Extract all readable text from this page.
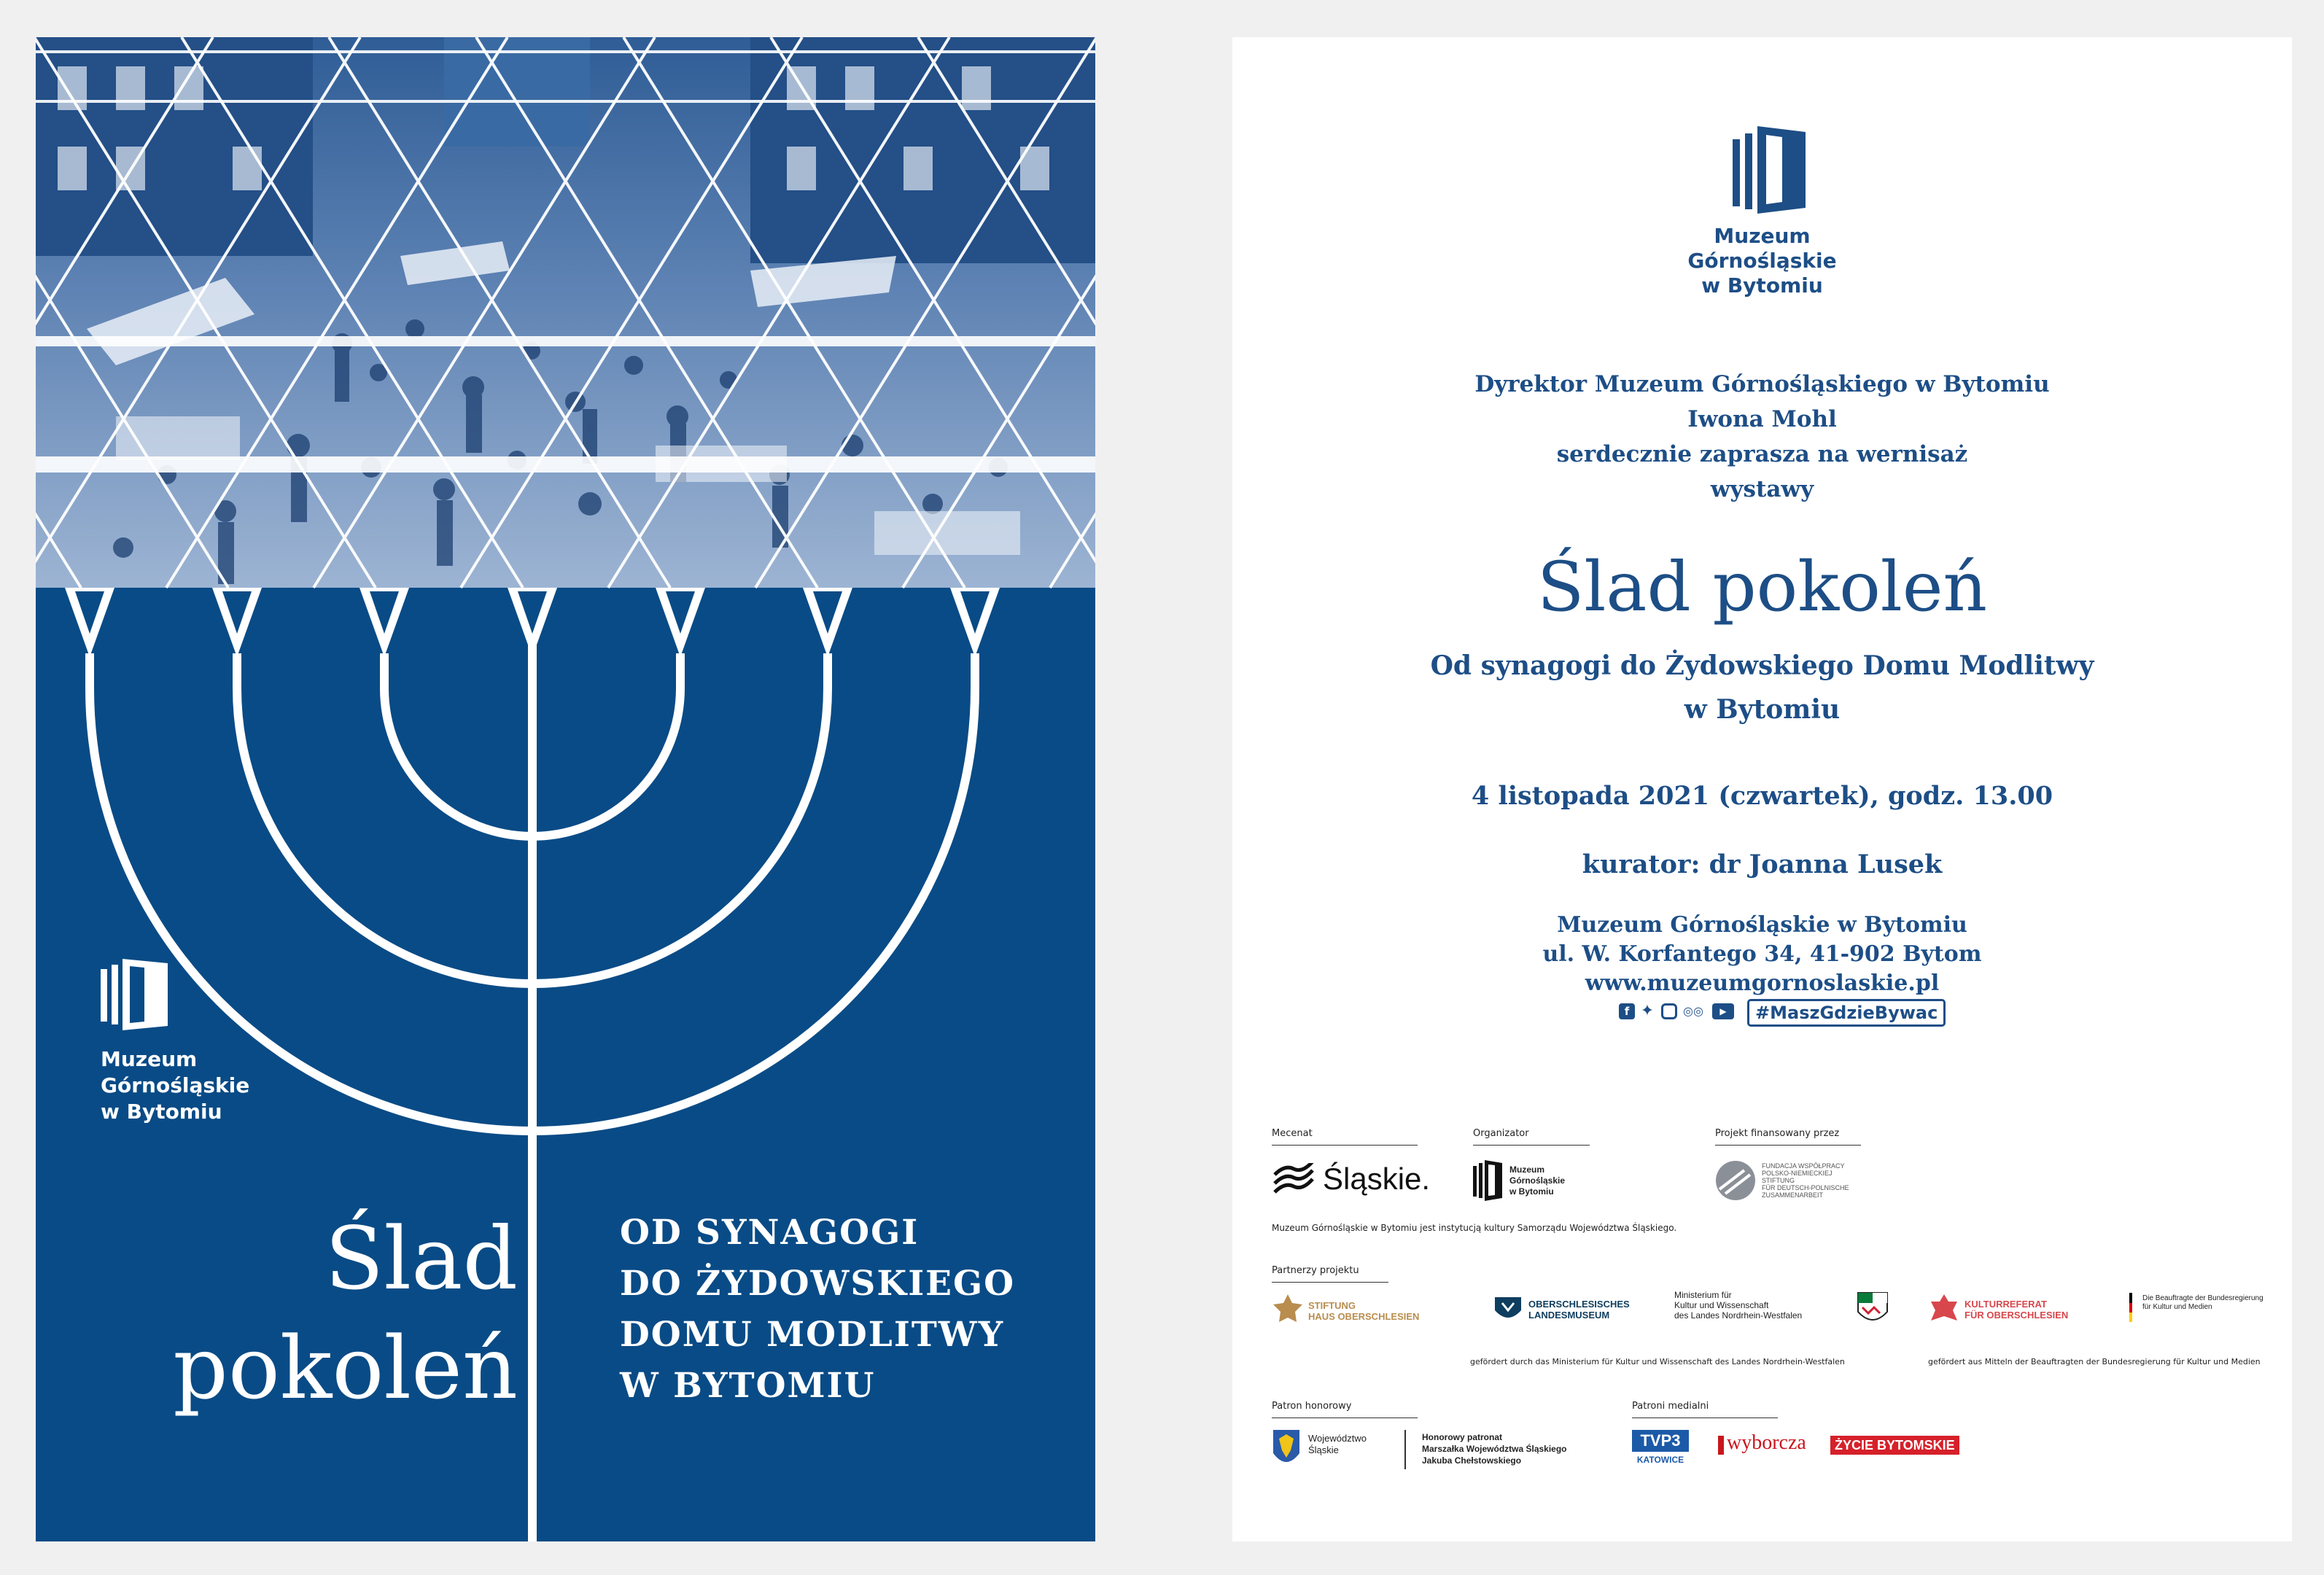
Muzeum
Górnośląskie
w Bytomiu
Ślad
pokoleń
OD SYNAGOGI
DO ŻYDOWSKIEGO
DOMU MODLITWY
W BYTOMIU
Muzeum
Górnośląskie
w Bytomiu
Dyrektor Muzeum Górnośląskiego w Bytomiu
Iwona Mohl
serdecznie zaprasza na wernisaż
wystawy
Ślad pokoleń
Od synagogi do Żydowskiego Domu Modlitwy
w Bytomiu
4 listopada 2021 (czwartek), godz. 13.00
kurator: dr Joanna Lusek
Muzeum Górnośląskie w Bytomiu
ul. W. Korfantego 34, 41-902 Bytom
www.muzeumgornoslaskie.pl
f ✦ ◎◎	▶	#MaszGdzieBywac
Mecenat
Śląskie.
Organizator
Muzeum
Górnośląskie
w Bytomiu
Projekt finansowany przez
FUNDACJA WSPÓŁPRACY
POLSKO-NIEMIECKIEJ
STIFTUNG
FÜR DEUTSCH-POLNISCHE
ZUSAMMENARBEIT
Muzeum Górnośląskie w Bytomiu jest instytucją kultury Samorządu Województwa Śląskiego.
Partnerzy projektu
STIFTUNG
HAUS OBERSCHLESIEN
OBERSCHLESISCHES
LANDESMUSEUM
Ministerium für
Kultur und Wissenschaft
des Landes Nordrhein-Westfalen
KULTURREFERAT
FÜR OBERSCHLESIEN
Die Beauftragte der Bundesregierung
für Kultur und Medien
gefördert durch das Ministerium für Kultur und Wissenschaft des Landes Nordrhein-Westfalen	gefördert aus Mitteln der Beauftragten der Bundesregierung für Kultur und Medien
Patron honorowy
Województwo
Śląskie
Honorowy patronat
Marszałka Województwa Śląskiego
Jakuba Chełstowskiego
Patroni medialni
TVP3
KATOWICE
wyborcza	ŻYCIE BYTOMSKIE
